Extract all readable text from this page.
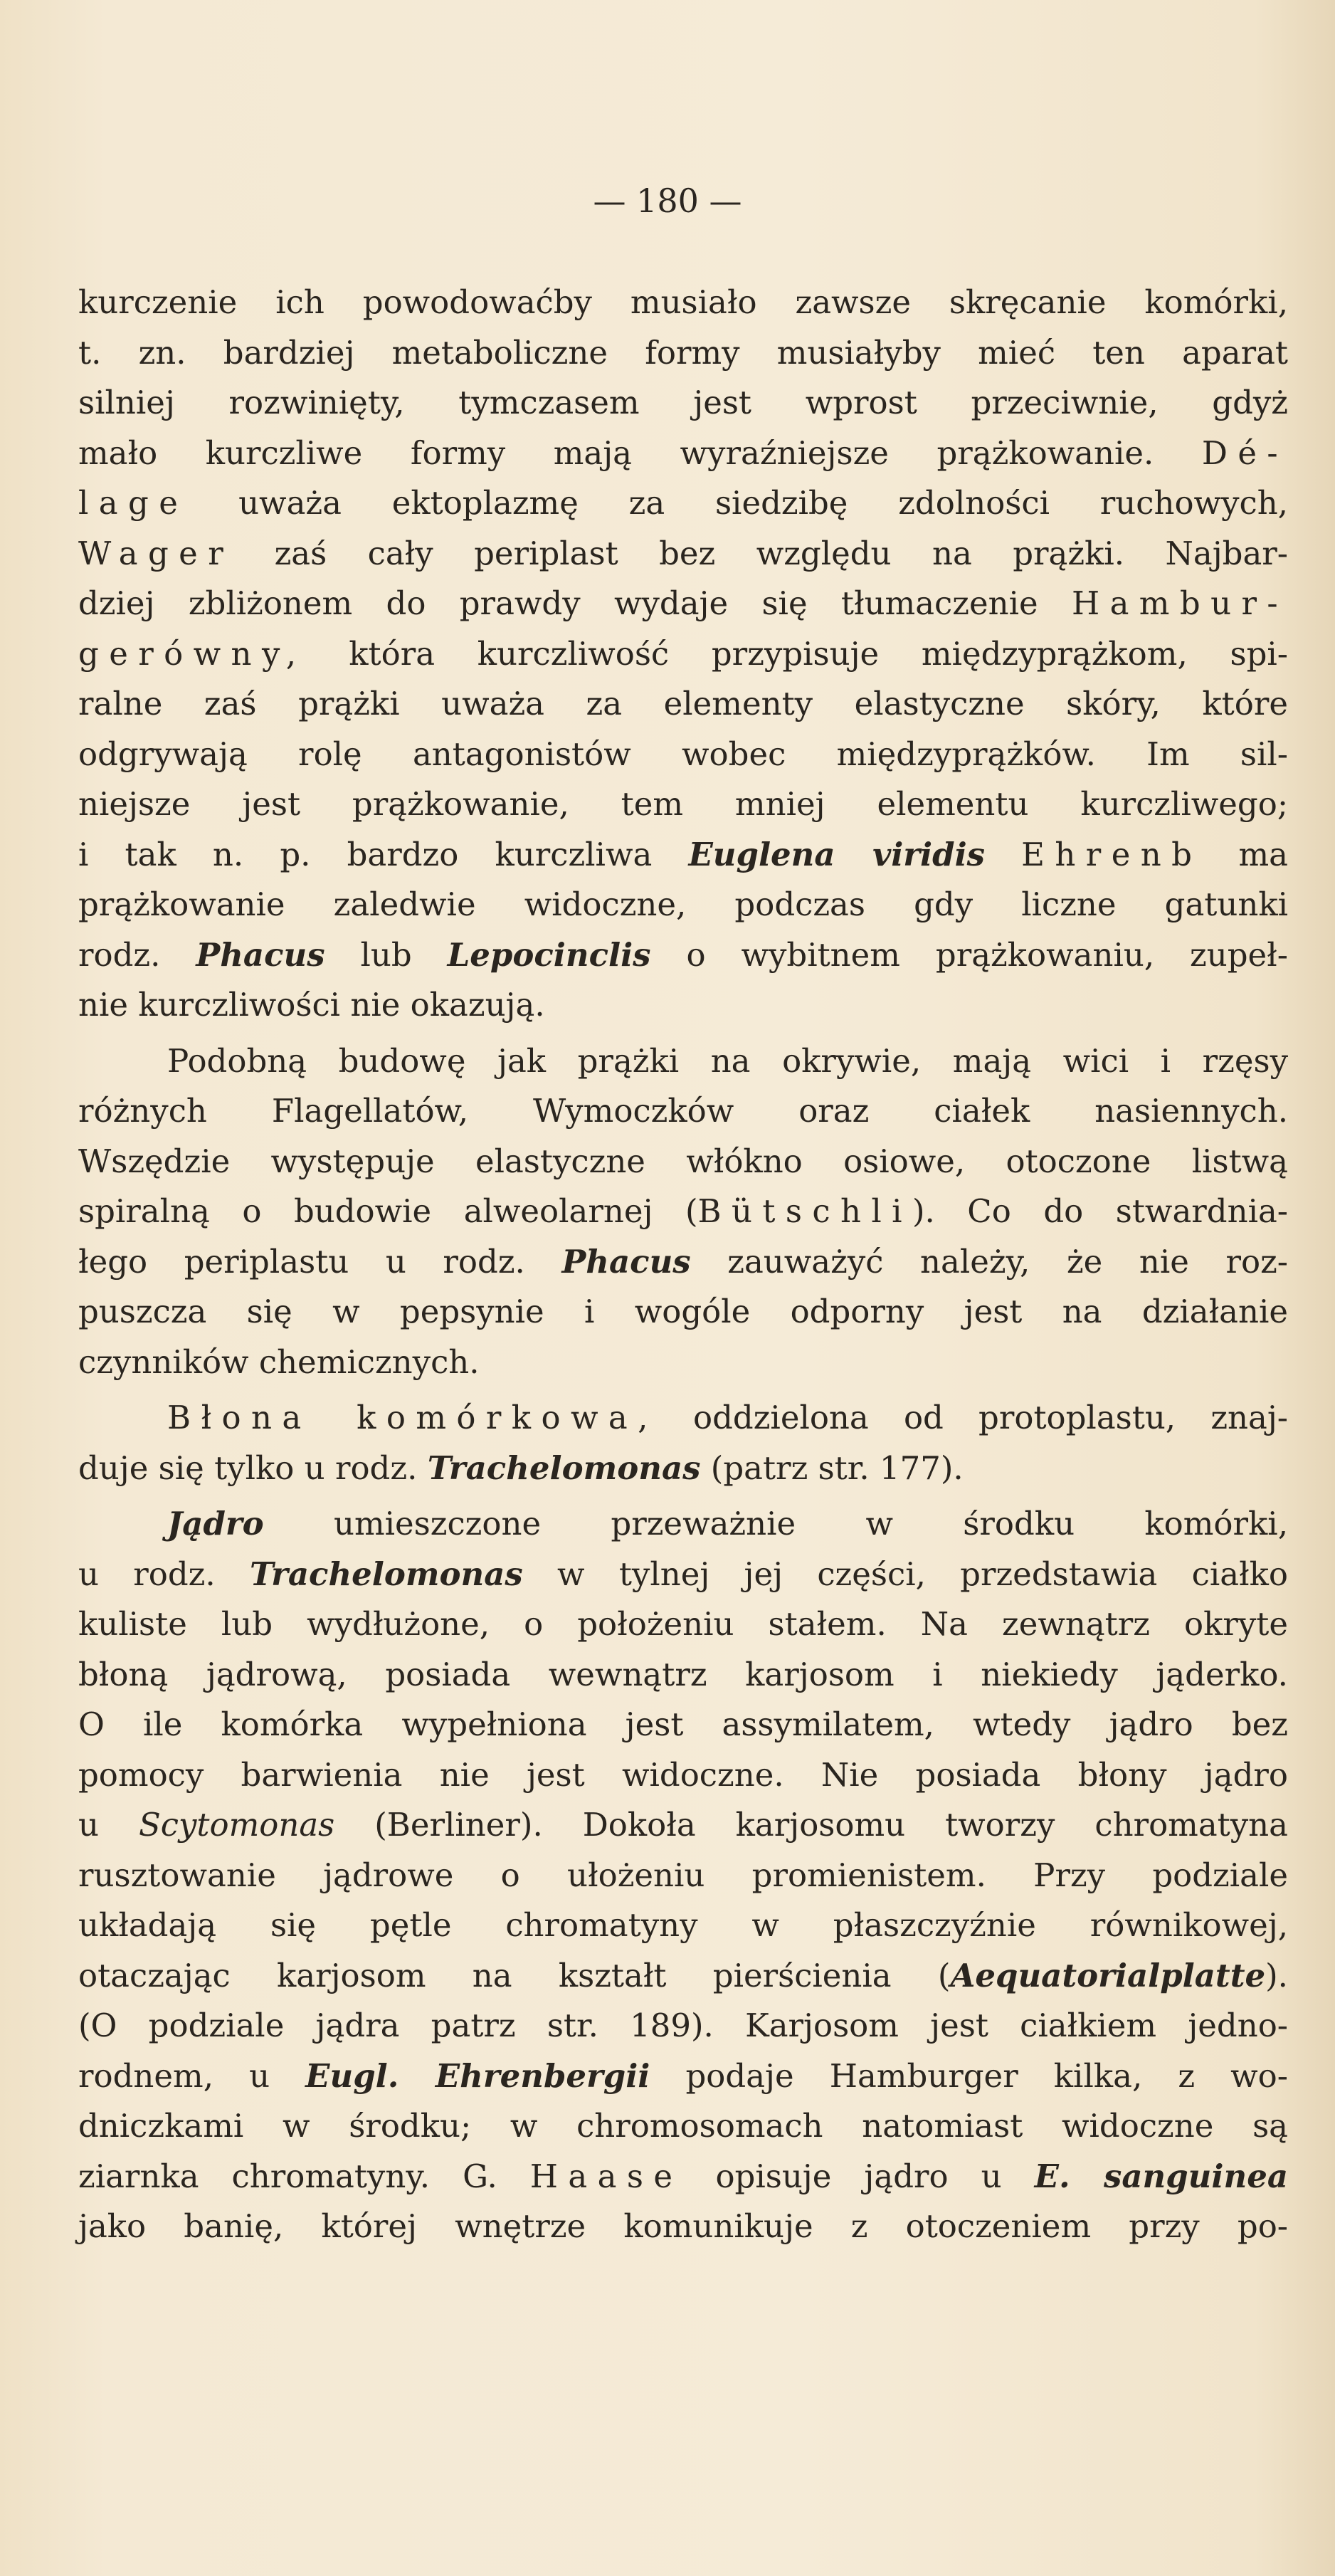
— 180 —
kurczenie ich powodowaćby musiało zawsze skręcanie komórki,
t. zn. bardziej metaboliczne formy musiałyby mieć ten aparat
silniej rozwinięty, tymczasem jest wprost przeciwnie, gdyż
mało kurczliwe formy mają wyraźniejsze prążkowanie. Dé-
lage uważa ektoplazmę za siedzibę zdolności ruchowych,
Wager zaś cały periplast bez względu na prążki. Najbar-
dziej zbliżonem do prawdy wydaje się tłumaczenie Hambur-
gerówny, która kurczliwość przypisuje międzyprążkom, spi-
ralne zaś prążki uważa za elementy elastyczne skóry, które
odgrywają rolę antagonistów wobec międzyprążków. Im sil-
niejsze jest prążkowanie, tem mniej elementu kurczliwego;
i tak n. p. bardzo kurczliwa Euglena viridis Ehrenb ma
prążkowanie zaledwie widoczne, podczas gdy liczne gatunki
rodz. Phacus lub Lepocinclis o wybitnem prążkowaniu, zupeł-
nie kurczliwości nie okazują.
Podobną budowę jak prążki na okrywie, mają wici i rzęsy
różnych Flagellatów, Wymoczków oraz ciałek nasiennych.
Wszędzie występuje elastyczne włókno osiowe, otoczone listwą
spiralną o budowie alweolarnej (Bütschli). Co do stwardnia-
łego periplastu u rodz. Phacus zauważyć należy, że nie roz-
puszcza się w pepsynie i wogóle odporny jest na działanie
czynników chemicznych.
Błona komórkowa, oddzielona od protoplastu, znaj-
duje się tylko u rodz. Trachelomonas (patrz str. 177).
Jądro umieszczone przeważnie w środku komórki,
u rodz. Trachelomonas w tylnej jej części, przedstawia ciałko
kuliste lub wydłużone, o położeniu stałem. Na zewnątrz okryte
błoną jądrową, posiada wewnątrz karjosom i niekiedy jąderko.
O ile komórka wypełniona jest assymilatem, wtedy jądro bez
pomocy barwienia nie jest widoczne. Nie posiada błony jądro
u Scytomonas (Berliner). Dokoła karjosomu tworzy chromatyna
rusztowanie jądrowe o ułożeniu promienistem. Przy podziale
układają się pętle chromatyny w płaszczyźnie równikowej,
otaczając karjosom na kształt pierścienia (Aequatorialplatte).
(O podziale jądra patrz str. 189). Karjosom jest ciałkiem jedno-
rodnem, u Eugl. Ehrenbergii podaje Hamburger kilka, z wo-
dniczkami w środku; w chromosomach natomiast widoczne są
ziarnka chromatyny. G. Haase opisuje jądro u E. sanguinea
jako banię, której wnętrze komunikuje z otoczeniem przy po-
